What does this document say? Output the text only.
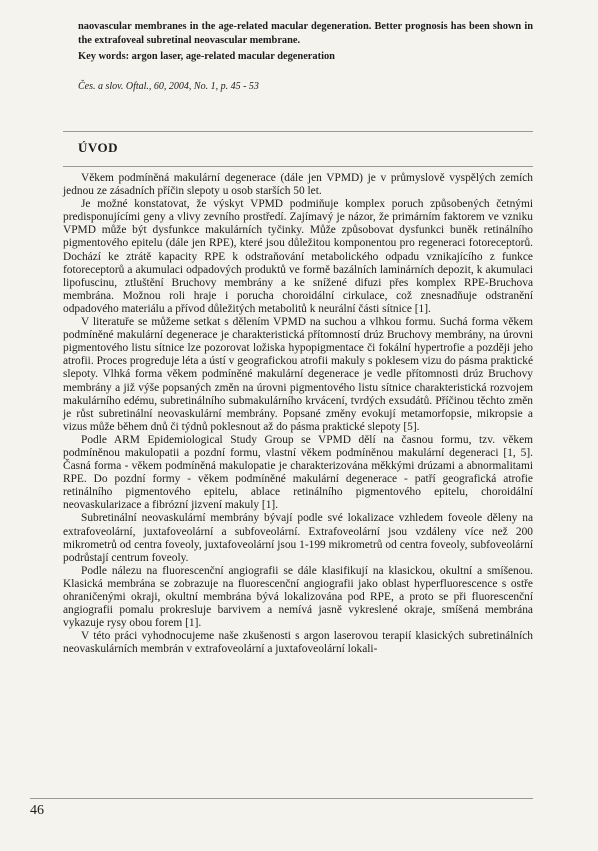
naovascular membranes in the age-related macular degeneration. Better prognosis has been shown in the extrafoveal subretinal neovascular membrane.
Key words: argon laser, age-related macular degeneration
Čes. a slov. Oftal., 60, 2004, No. 1, p. 45 - 53
ÚVOD

Věkem podmíněná makulární degenerace (dále jen VPMD) je v průmyslově vyspělých zemích jednou ze zásadních příčin slepoty u osob starších 50 let.

Je možné konstatovat, že výskyt VPMD podmiňuje komplex poruch způsobených četnými predisponujícími geny a vlivy zevního prostředí. Zajímavý je názor, že primárním faktorem ve vzniku VPMD může být dysfunkce makulárních tyčinky. Může způsobovat dysfunkci buněk retinálního pigmentového epitelu (dále jen RPE), které jsou důležitou komponentou pro regeneraci fotoreceptorů. Dochází ke ztrátě kapacity RPE k odstraňování metabolického odpadu vznikajícího z funkce fotoreceptorů a akumulaci odpadových produktů ve formě bazálních laminárních depozit, k akumulaci lipofuscinu, ztluštění Bruchovy membrány a ke snížené difuzi přes komplex RPE-Bruchova membrána. Možnou roli hraje i porucha choroidální cirkulace, což znesnadňuje odstranění odpadového materiálu a přívod důležitých metabolitů k neurální části sítnice [1].

V literatuře se můžeme setkat s dělením VPMD na suchou a vlhkou formu. Suchá forma věkem podmíněné makulární degenerace je charakteristická přítomností drúz Bruchovy membrány, na úrovni pigmentového listu sítnice lze pozorovat ložiska hypopigmentace či fokální hypertrofie a později jeho atrofii. Proces progreduje léta a ústí v geografickou atrofii makuly s poklesem vizu do pásma praktické slepoty. Vlhká forma věkem podmíněné makulární degenerace je vedle přítomnosti drúz Bruchovy membrány a již výše popsaných změn na úrovni pigmentového listu sítnice charakteristická rozvojem makulárního edému, subretinálního submakulárního krvácení, tvrdých exsudátů. Příčinou těchto změn je růst subretinální neovaskulární membrány. Popsané změny evokují metamorfopsie, mikropsie a vizus může během dnů či týdnů poklesnout až do pásma praktické slepoty [5].

Podle ARM Epidemiological Study Group se VPMD dělí na časnou formu, tzv. věkem podmíněnou makulopatii a pozdní formu, vlastní věkem podmíněnou makulární degeneraci [1, 5]. Časná forma - věkem podmíněná makulopatie je charakterizována měkkými drúzami a abnormalitami RPE. Do pozdní formy - věkem podmíněné makulární degenerace - patří geografická atrofie retinálního pigmentového epitelu, ablace retinálního pigmentového epitelu, choroidální neovaskularizace a fibrózní jizvení makuly [1].

Subretinální neovaskulární membrány bývají podle své lokalizace vzhledem foveole děleny na extrafoveolární, juxtafoveolární a subfoveolární. Extrafoveolární jsou vzdáleny více než 200 mikrometrů od centra foveoly, juxtafoveolární jsou 1-199 mikrometrů od centra foveoly, subfoveolární podrůstají centrum foveoly.

Podle nálezu na fluorescenční angiografii se dále klasifikují na klasickou, okultní a smíšenou. Klasická membrána se zobrazuje na fluorescenční angiografii jako oblast hyperfluorescence s ostře ohraničenými okraji, okultní membrána bývá lokalizována pod RPE, a proto se při fluorescenční angiografii pomalu prokresluje barvivem a nemívá jasně vykreslené okraje, smíšená membrána vykazuje rysy obou forem [1].

V této práci vyhodnocujeme naše zkušenosti s argon laserovou terapií klasických subretinálních neovaskulárních membrán v extrafoveolární a juxtafoveolární lokali-

46
